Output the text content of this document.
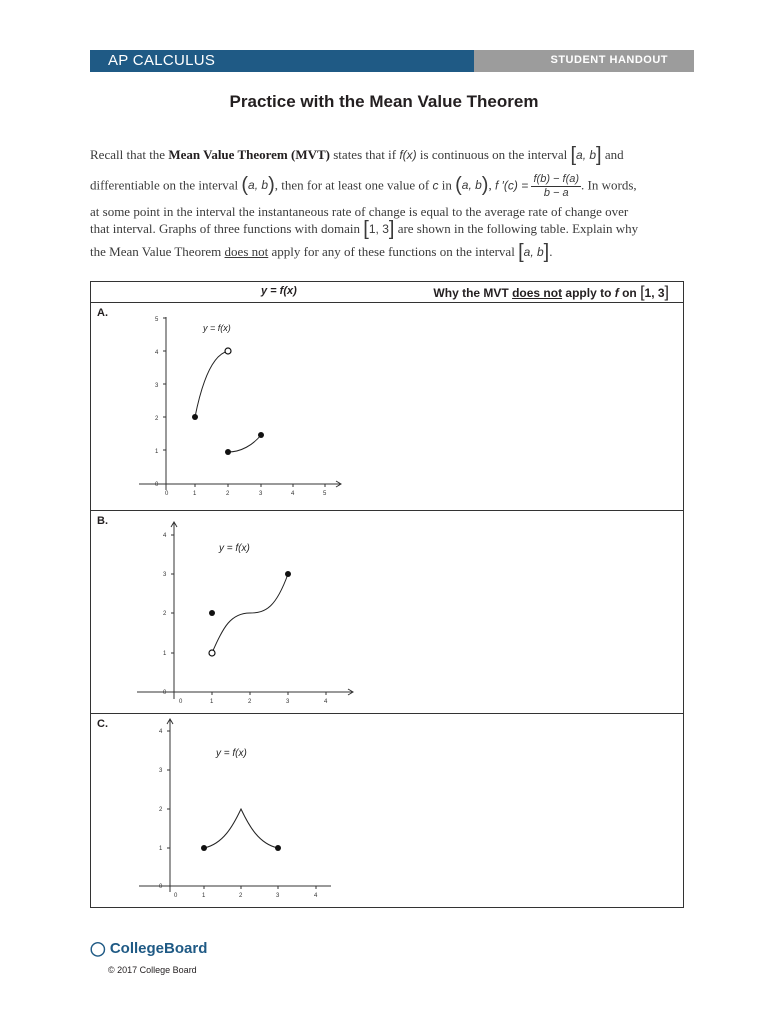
AP CALCULUS	STUDENT HANDOUT
Practice with the Mean Value Theorem
Recall that the Mean Value Theorem (MVT) states that if f(x) is continuous on the interval [a, b] and
differentiable on the interval (a, b), then for at least one value of c in (a, b), f $'(c) = \frac{f(b) - f(a)}{b - a}$ . In words,
at some point in the interval the instantaneous rate of change is equal to the average rate of change over
that interval. Graphs of three functions with domain [1, 3] are shown in the following table. Explain why
the Mean Value Theorem does not apply for any of these functions on the interval [a, b].
y = f(x)	Why the MVT does not apply to f on [1, 3]
A.
0
1
2
3
4
5
0	1	2	3	4	5
y = f(x)
B.
0
1
2
3
4
0	1	2	3	4
y = f(x)
C.
0
1
2
3
4
0	1	2	3	4
y = f(x)
◯ CollegeBoard
© 2017 College Board
